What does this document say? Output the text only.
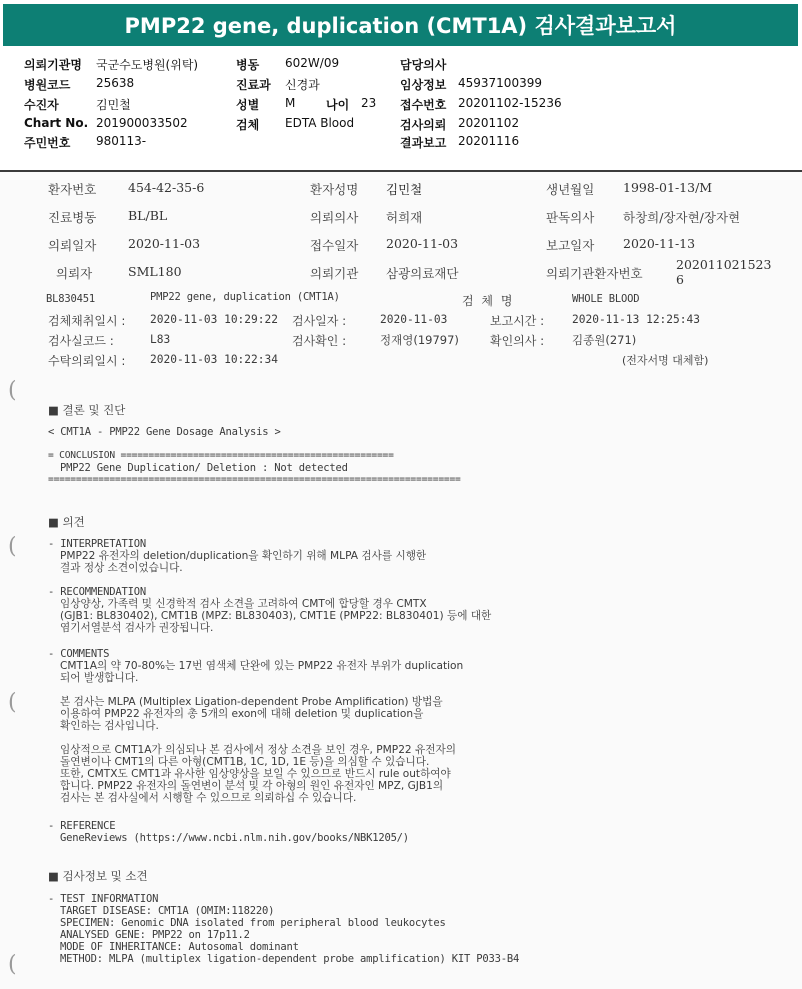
PMP22 gene, duplication (CMT1A) 검사결과보고서
의뢰기관명 국군수도병원(위탁)	병동 602W/09	담당의사
병원코드 25638	진료과 신경과	임상정보 45937100399
수진자	김민철	성별 M	나이 23 접수번호 20201102-15236
Chart No. 201900033502	검체 EDTA Blood	검사의뢰 20201102
주민번호 980113-	결과보고 20201116
환자번호	454-42-35-6	환자성명 김민철	생년월일 1998-01-13/M
진료병동	BL/BL	의뢰의사 허희재	판독의사 하창희/장자현/장자현
의뢰일자	2020-11-03	접수일자 2020-11-03	보고일자 2020-11-13
의뢰자	SML180	의뢰기관 삼광의료재단	의뢰기관환자번호
202011021523
6
BL830451	PMP22 gene, duplication (CMT1A)	검 체 명	WHOLE BLOOD
검체채취일시 : 2020-11-03 10:29:22 검사일자 :	2020-11-03	보고시간 : 2020-11-13 12:25:43
검사실코드 :	L83	검사확인 :	정재영(19797)	확인의사 : 김종원(271)
수탁의뢰일시 : 2020-11-03 10:22:34	(전자서명 대체함)
■ 결론 및 진단
< CMT1A - PMP22 Gene Dosage Analysis >
= CONCLUSION =================================================
PMP22 Gene Duplication/ Deletion : Not detected
==========================================================================
■ 의견
- INTERPRETATION
PMP22 유전자의 deletion/duplication을 확인하기 위해 MLPA 검사를 시행한
결과 정상 소견이었습니다.
- RECOMMENDATION
임상양상, 가족력 및 신경학적 검사 소견을 고려하여 CMT에 합당할 경우 CMTX
(GJB1: BL830402), CMT1B (MPZ: BL830403), CMT1E (PMP22: BL830401) 등에 대한
염기서열분석 검사가 권장됩니다.
- COMMENTS
CMT1A의 약 70-80%는 17번 염색체 단완에 있는 PMP22 유전자 부위가 duplication
되어 발생합니다.
본 검사는 MLPA (Multiplex Ligation-dependent Probe Amplification) 방법을
이용하여 PMP22 유전자의 총 5개의 exon에 대해 deletion 및 duplication을
확인하는 검사입니다.
임상적으로 CMT1A가 의심되나 본 검사에서 정상 소견을 보인 경우, PMP22 유전자의
돌연변이나 CMT1의 다른 아형(CMT1B, 1C, 1D, 1E 등)을 의심할 수 있습니다.
또한, CMTX도 CMT1과 유사한 임상양상을 보일 수 있으므로 반드시 rule out하여야
합니다. PMP22 유전자의 돌연변이 분석 및 각 아형의 원인 유전자인 MPZ, GJB1의
검사는 본 검사실에서 시행할 수 있으므로 의뢰하십 수 있습니다.
- REFERENCE
GeneReviews (https://www.ncbi.nlm.nih.gov/books/NBK1205/)
■ 검사정보 및 소견
- TEST INFORMATION
TARGET DISEASE: CMT1A (OMIM:118220)
SPECIMEN: Genomic DNA isolated from peripheral blood leukocytes
ANALYSED GENE: PMP22 on 17p11.2
MODE OF INHERITANCE: Autosomal dominant
METHOD: MLPA (multiplex ligation-dependent probe amplification) KIT P033-B4
(
(
(
(
